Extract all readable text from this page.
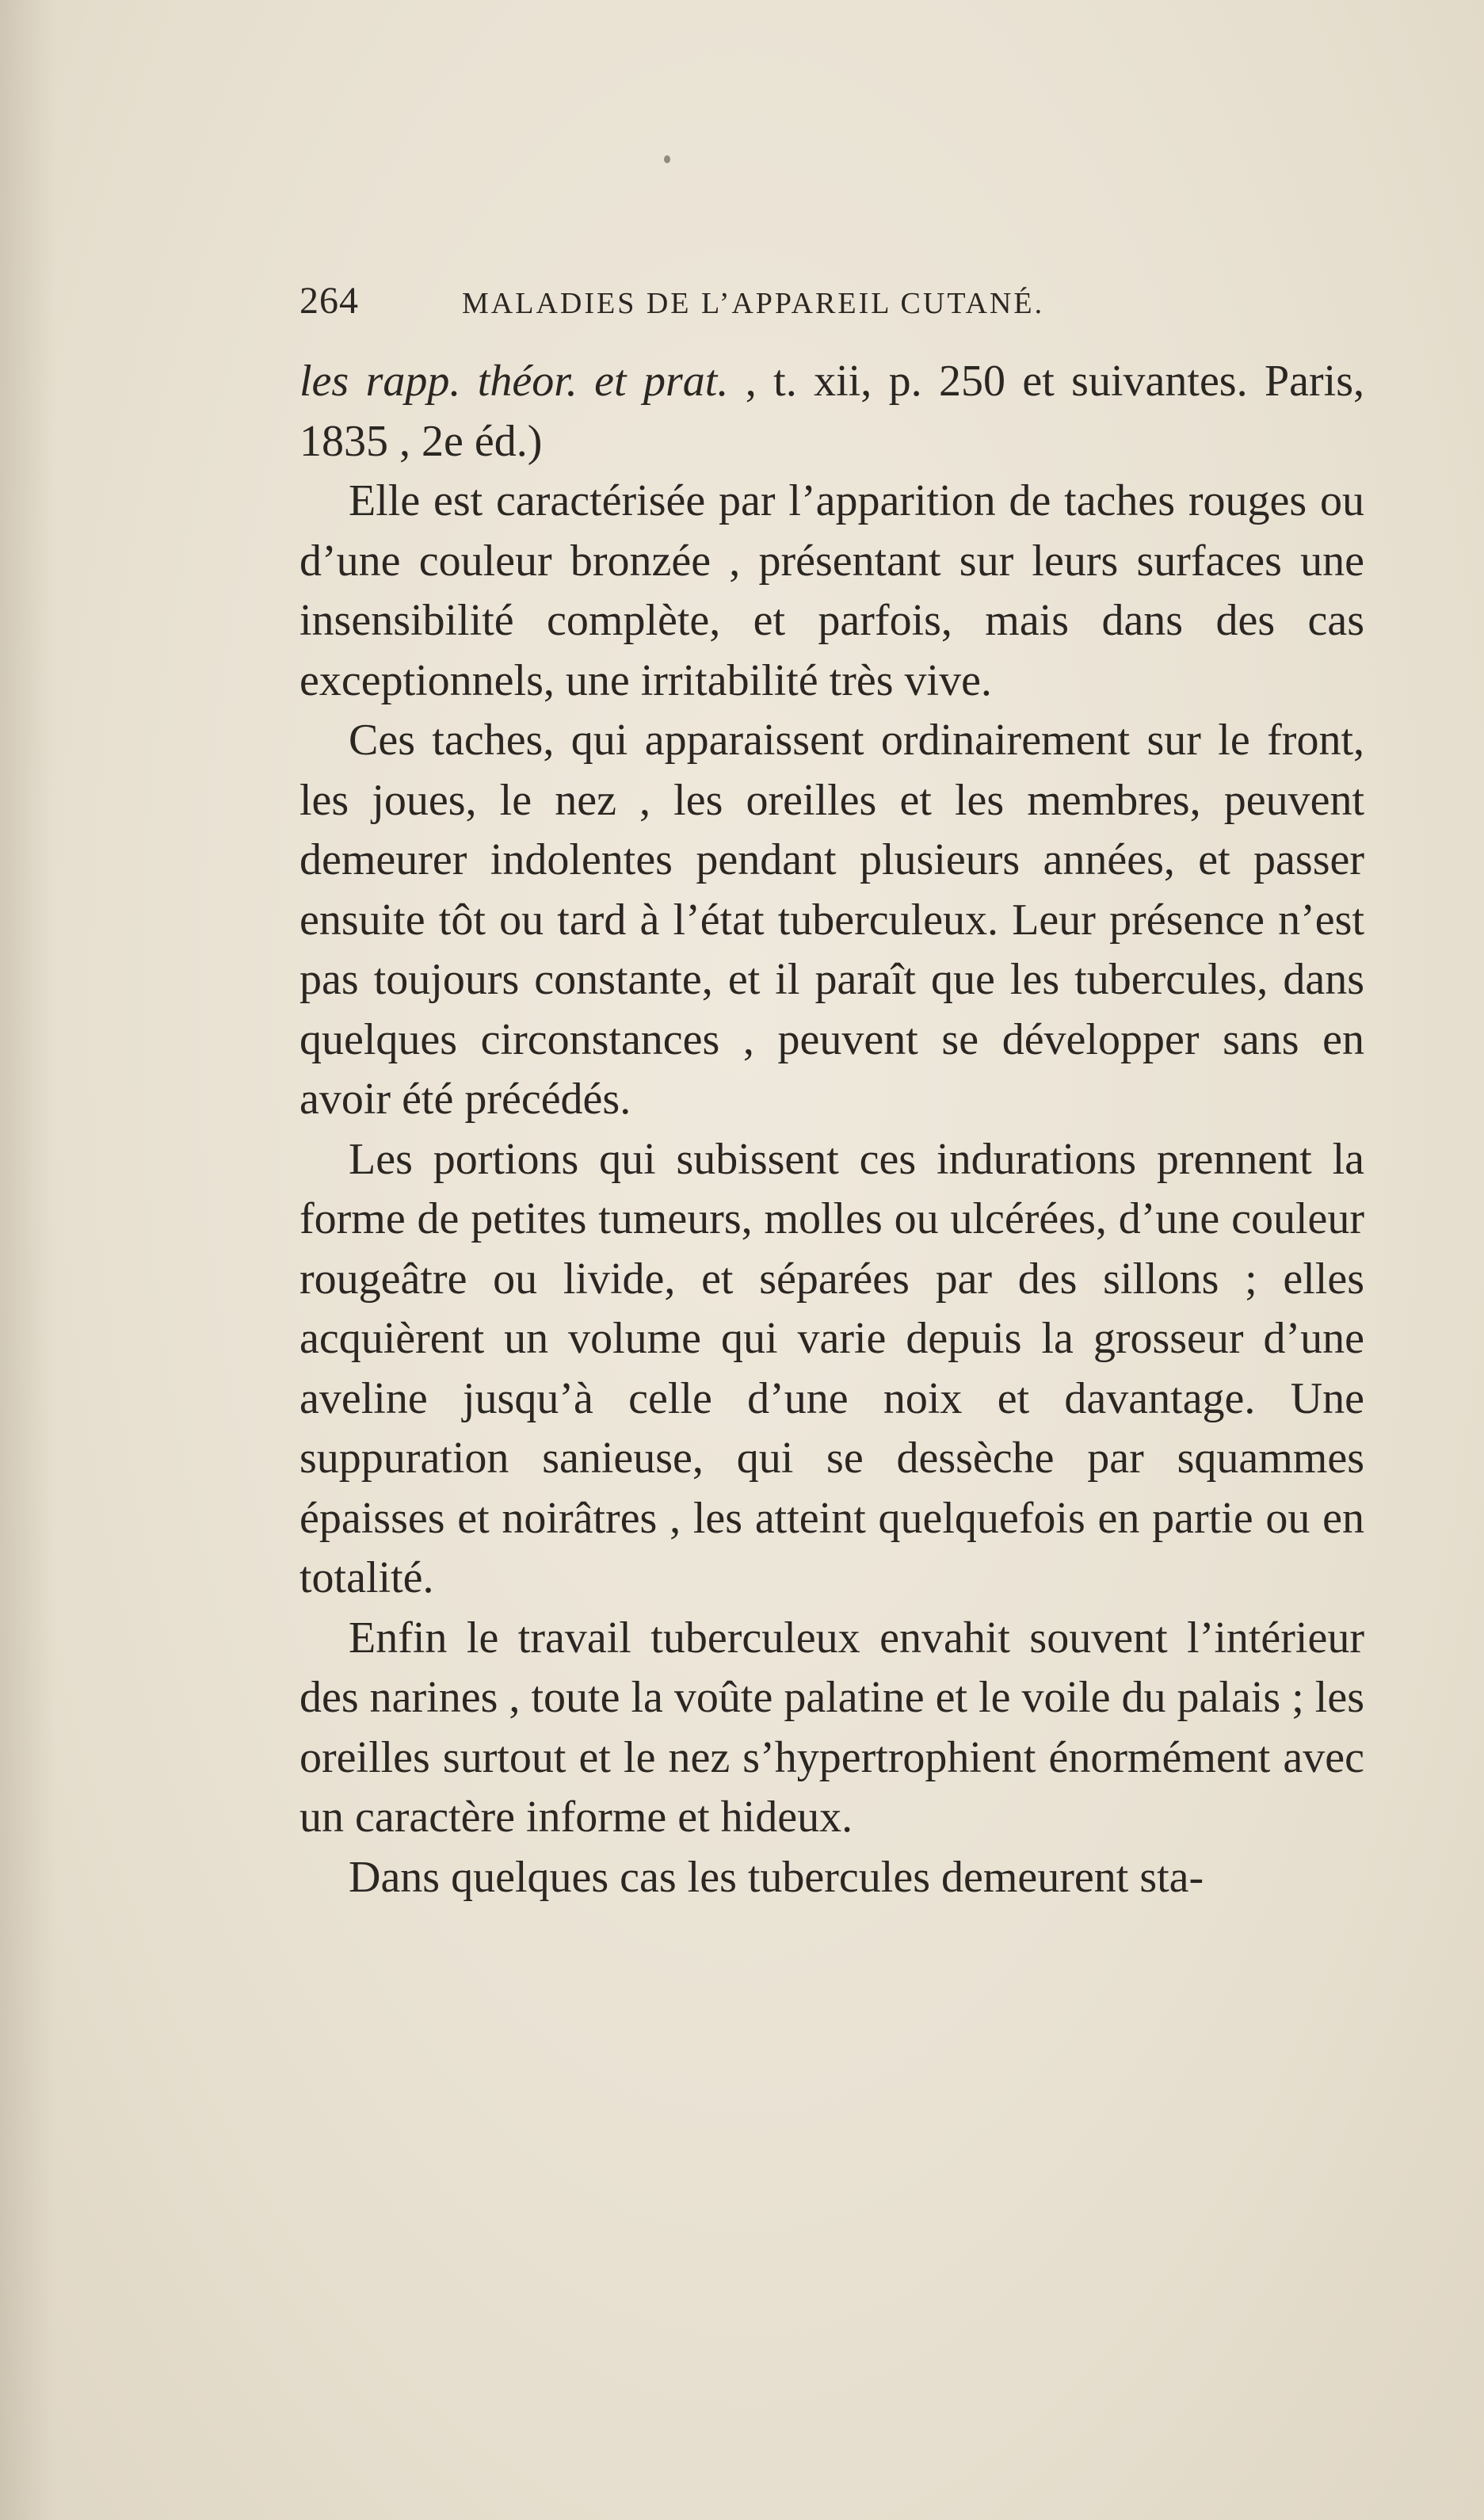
264	MALADIES DE L’APPAREIL CUTANÉ.

les rapp. théor. et prat. , t. xii, p. 250 et suivantes. Paris, 1835 , 2e éd.)

Elle est caractérisée par l’apparition de taches rouges ou d’une couleur bronzée , présentant sur leurs surfaces une insensibilité complète, et parfois, mais dans des cas exceptionnels, une irritabilité très vive.

Ces taches, qui apparaissent ordinairement sur le front, les joues, le nez , les oreilles et les membres, peuvent demeurer indolentes pendant plusieurs années, et passer ensuite tôt ou tard à l’état tuberculeux. Leur présence n’est pas toujours constante, et il paraît que les tubercules, dans quelques circonstances , peuvent se développer sans en avoir été précédés.

Les portions qui subissent ces indurations prennent la forme de petites tumeurs, molles ou ulcérées, d’une couleur rougeâtre ou livide, et séparées par des sillons ; elles acquièrent un volume qui varie depuis la grosseur d’une aveline jusqu’à celle d’une noix et davantage. Une suppuration sanieuse, qui se dessèche par squammes épaisses et noirâtres , les atteint quelquefois en partie ou en totalité.

Enfin le travail tuberculeux envahit souvent l’intérieur des narines , toute la voûte palatine et le voile du palais ; les oreilles surtout et le nez s’hypertrophient énormément avec un caractère informe et hideux.

Dans quelques cas les tubercules demeurent sta-
